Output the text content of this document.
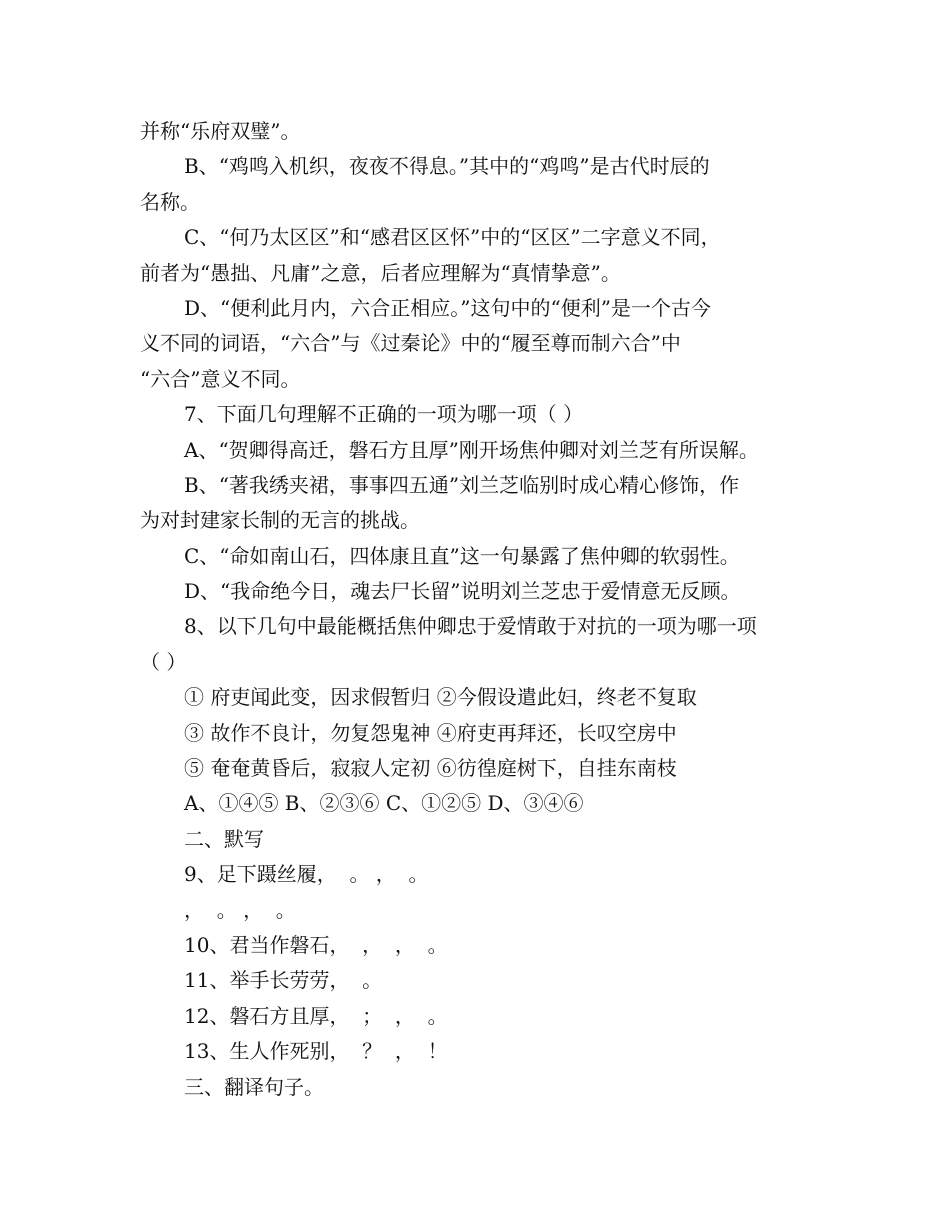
并称“乐府双璧”。
B、“鸡鸣入机织，夜夜不得息。”其中的“鸡鸣”是古代时辰的
名称。
C、“何乃太区区”和“感君区区怀”中的“区区”二字意义不同，
前者为“愚拙、凡庸”之意，后者应理解为“真情挚意”。
D、“便利此月内，六合正相应。”这句中的“便利”是一个古今
义不同的词语，“六合”与《过秦论》中的“履至尊而制六合”中
“六合”意义不同。
7、下面几句理解不正确的一项为哪一项（ ）
A、“贺卿得高迁，磐石方且厚”刚开场焦仲卿对刘兰芝有所误解。
B、“著我绣夹裙，事事四五通”刘兰芝临别时成心精心修饰，作
为对封建家长制的无言的挑战。
C、“命如南山石，四体康且直”这一句暴露了焦仲卿的软弱性。
D、“我命绝今日，魂去尸长留”说明刘兰芝忠于爱情意无反顾。
8、以下几句中最能概括焦仲卿忠于爱情敢于对抗的一项为哪一项
（ ）
① 府吏闻此变，因求假暂归 ②今假设遣此妇，终老不复取
③ 故作不良计，勿复怨鬼神 ④府吏再拜还，长叹空房中
⑤ 奄奄黄昏后，寂寂人定初 ⑥彷徨庭树下，自挂东南枝
A、①④⑤ B、②③⑥ C、①②⑤ D、③④⑥
二、默写
9、足下蹑丝履，  。 ，  。
，  。 ，  。
10、君当作磐石，  ，  ，  。
11、举手长劳劳，  。
12、磐石方且厚，  ；  ，  。
13、生人作死别，  ？  ，  ！
三、翻译句子。
